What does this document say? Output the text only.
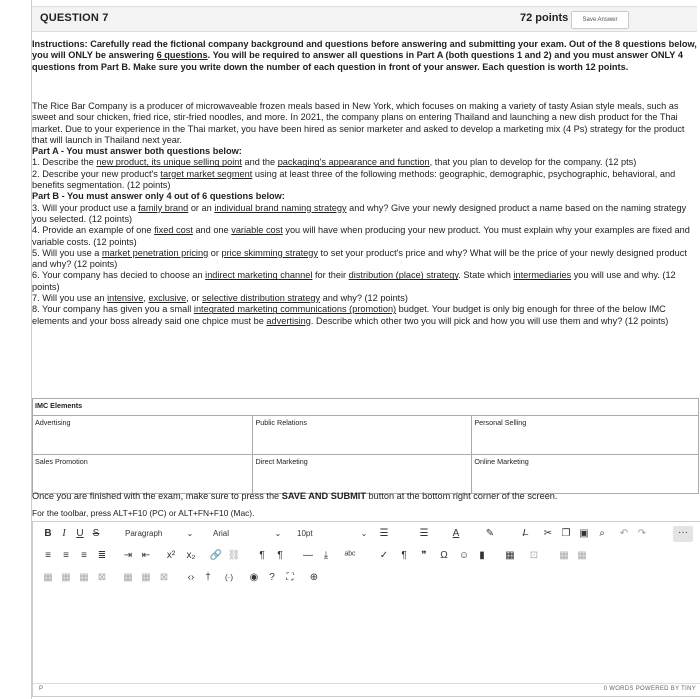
QUESTION 7	72 points	Save Answer
Instructions: Carefully read the fictional company background and questions before answering and submitting your exam. Out of the 8 questions below, you will ONLY be answering 6 questions. You will be required to answer all questions in Part A (both questions 1 and 2) and you must answer ONLY 4 questions from Part B. Make sure you write down the number of each question in front of your answer. Each question is worth 12 points.
The Rice Bar Company is a producer of microwaveable frozen meals based in New York, which focuses on making a variety of tasty Asian style meals, such as sweet and sour chicken, fried rice, stir-fried noodles, and more. In 2021, the company plans on entering Thailand and launching a new dish product for the Thai market. Due to your experience in the Thai market, you have been hired as senior marketer and asked to develop a marketing mix (4 Ps) strategy for the product that will launch in Thailand next year.
Part A - You must answer both questions below:
1. Describe the new product, its unique selling point and the packaging's appearance and function, that you plan to develop for the company. (12 pts)
2. Describe your new product's target market segment using at least three of the following methods: geographic, demographic, psychographic, behavioral, and benefits segmentation. (12 points)
Part B - You must answer only 4 out of 6 questions below:
3. Will your product use a family brand or an individual brand naming strategy and why? Give your newly designed product a name based on the naming strategy you selected. (12 points)
4. Provide an example of one fixed cost and one variable cost you will have when producing your new product. You must explain why your examples are fixed and variable costs. (12 points)
5. Will you use a market penetration pricing or price skimming strategy to set your product's price and why? What will be the price of your newly designed product and why? (12 points)
6. Your company has decied to choose an indirect marketing channel for their distribution (place) strategy. State which intermediaries you will use and why. (12 points)
7. Will you use an intensive, exclusive, or selective distribution strategy and why? (12 points)
8. Your company has given you a small integrated marketing communications (promotion) budget. Your budget is only big enough for three of the below IMC elements and your boss already said one chpice must be advertising. Describe which other two you will pick and how you will use them and why? (12 points)
IMC Elements		
Advertising	Public Relations	Personal Selling
Sales Promotion	Direct Marketing	Online Marketing
Once you are finished with the exam, make sure to press the SAVE AND SUBMIT button at the bottom right corner of the screen.
For the toolbar, press ALT+F10 (PC) or ALT+FN+F10 (Mac).
B	I	U S	Paragraph	⌄ Arial	⌄ 10pt	⌄ ☰	☰	A	✎	I̶	✂ ❐ ▣	⌕	↶ ↷	···
≡	≡	≡	≣ ⇥ ⇤	x²	x₂	🔗 ⛓	¶	¶	—	⤓	ᵃᵇᶜ ✓	¶	❞	Ω	☺	▮	▦ ⊡ ▦ ▦
▦ ▦ ▦ ⊠ ▦ ▦ ⊠	‹›	†	(·)	◉	?	⛶	⊕
P	0 WORDS POWERED BY TINY
